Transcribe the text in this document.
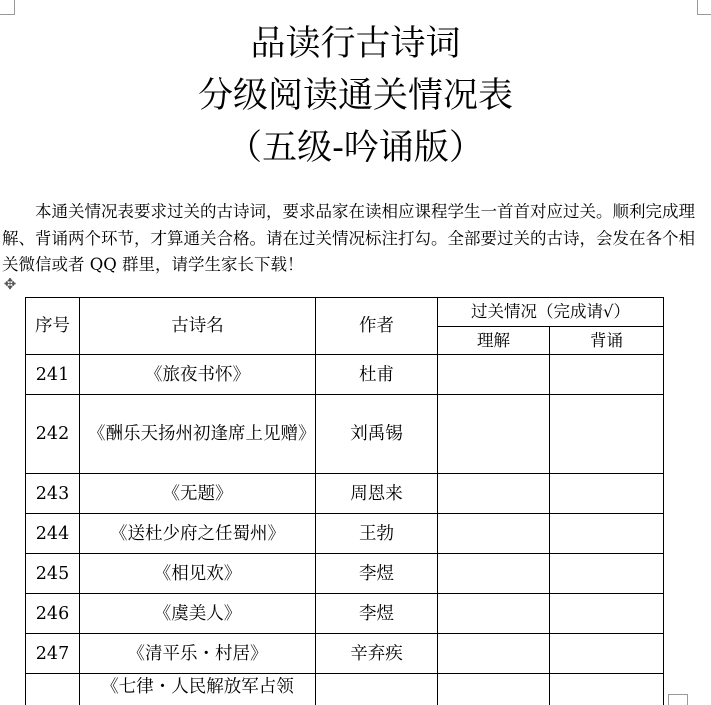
品读行古诗词
分级阅读通关情况表
（五级-吟诵版）
本通关情况表要求过关的古诗词，要求品家在读相应课程学生一首首对应过关。顺利完成理解、背诵两个环节，才算通关合格。请在过关情况标注打勾。全部要过关的古诗，会发在各个相关微信或者 QQ 群里，请学生家长下载！
✥
序号	古诗名	作者	过关情况（完成请√）	
			理解	背诵
241	《旅夜书怀》	杜甫		
242	《酬乐天扬州初逢席上见赠》	刘禹锡		
243	《无题》	周恩来		
244	《送杜少府之任蜀州》	王勃		
245	《相见欢》	李煜		
246	《虞美人》	李煜		
247	《清平乐・村居》	辛弃疾		
	《七律・人民解放军占领			
